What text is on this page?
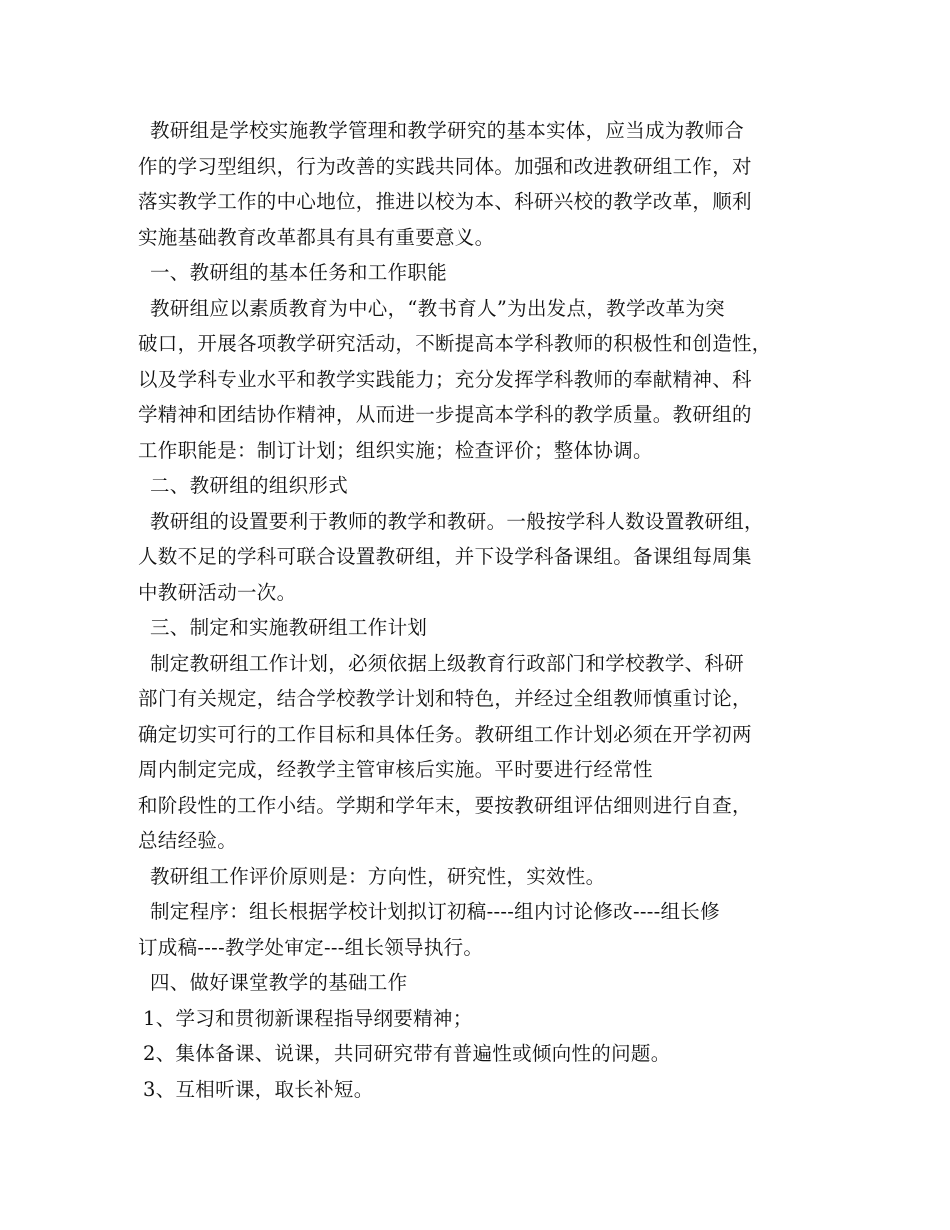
教研组是学校实施教学管理和教学研究的基本实体，应当成为教师合
作的学习型组织，行为改善的实践共同体。加强和改进教研组工作，对
落实教学工作的中心地位，推进以校为本、科研兴校的教学改革，顺利
实施基础教育改革都具有具有重要意义。
一、教研组的基本任务和工作职能
教研组应以素质教育为中心，“教书育人”为出发点，教学改革为突
破口，开展各项教学研究活动，不断提高本学科教师的积极性和创造性，
以及学科专业水平和教学实践能力；充分发挥学科教师的奉献精神、科
学精神和团结协作精神，从而进一步提高本学科的教学质量。教研组的
工作职能是：制订计划；组织实施；检查评价；整体协调。
二、教研组的组织形式
教研组的设置要利于教师的教学和教研。一般按学科人数设置教研组，
人数不足的学科可联合设置教研组，并下设学科备课组。备课组每周集
中教研活动一次。
三、制定和实施教研组工作计划
制定教研组工作计划，必须依据上级教育行政部门和学校教学、科研
部门有关规定，结合学校教学计划和特色，并经过全组教师慎重讨论，
确定切实可行的工作目标和具体任务。教研组工作计划必须在开学初两
周内制定完成，经教学主管审核后实施。平时要进行经常性
和阶段性的工作小结。学期和学年末，要按教研组评估细则进行自查，
总结经验。
教研组工作评价原则是：方向性，研究性，实效性。
制定程序：组长根据学校计划拟订初稿----组内讨论修改----组长修
订成稿----教学处审定---组长领导执行。
四、做好课堂教学的基础工作
1、学习和贯彻新课程指导纲要精神；
2、集体备课、说课，共同研究带有普遍性或倾向性的问题。
3、互相听课，取长补短。
